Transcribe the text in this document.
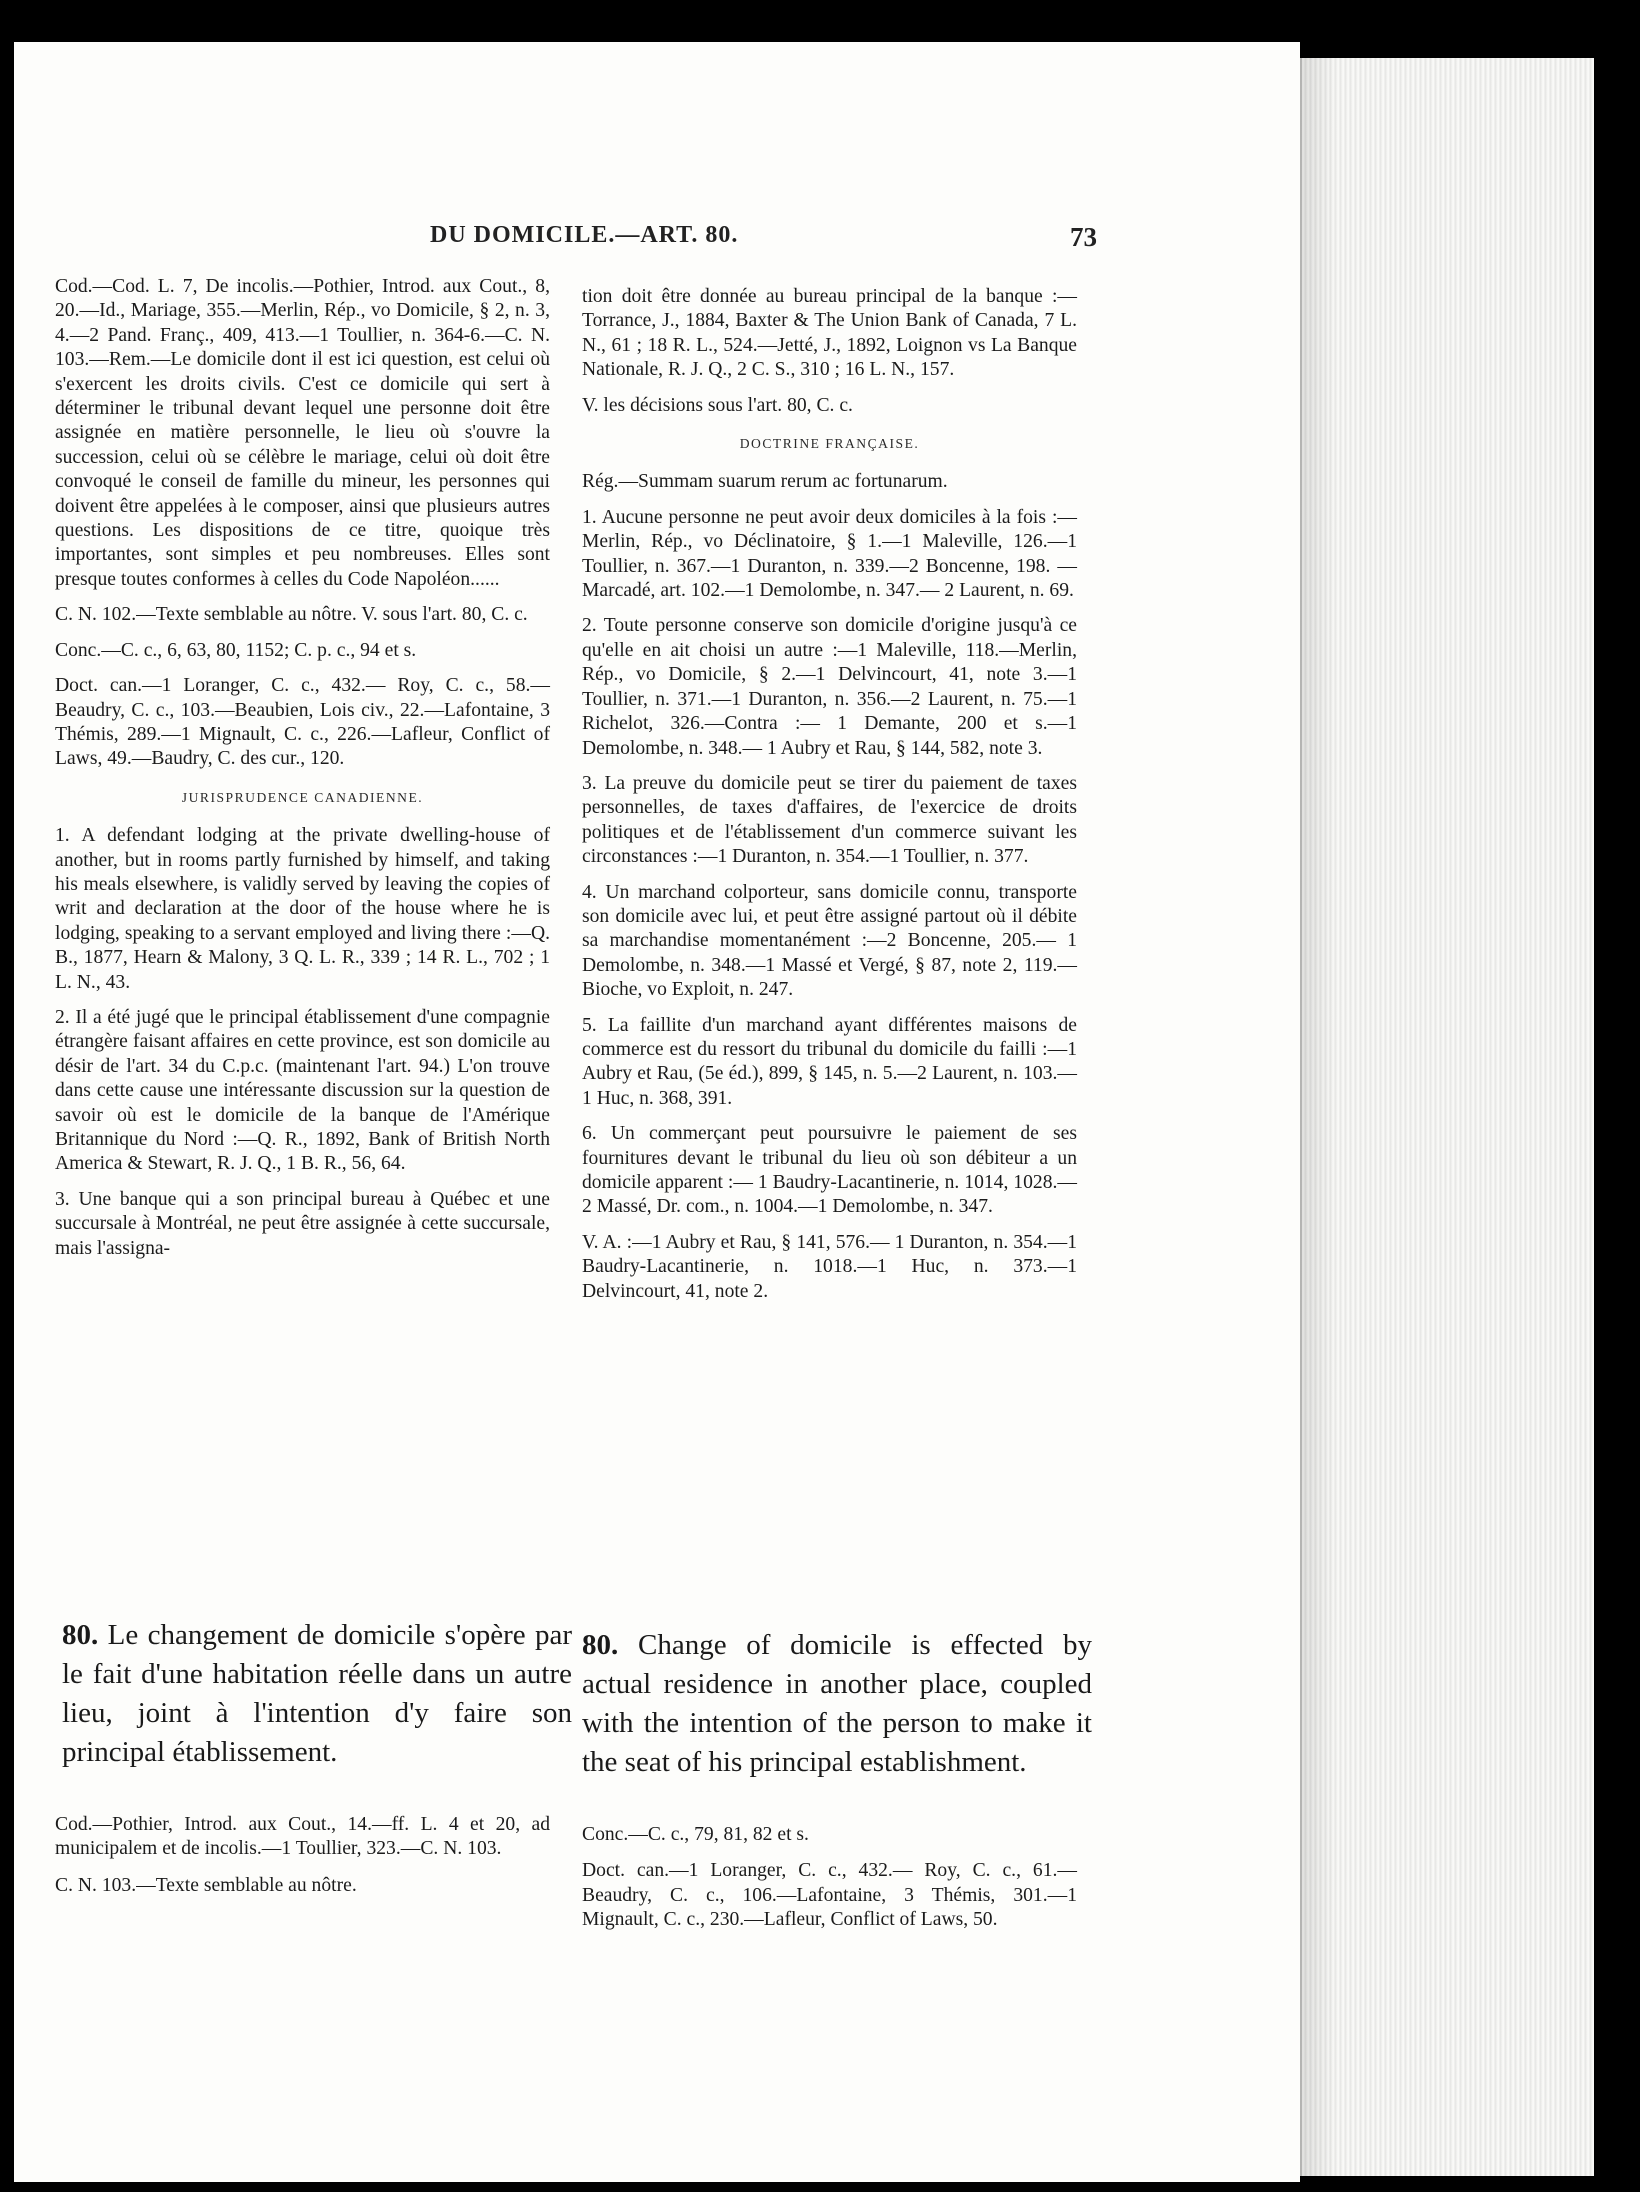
DU DOMICILE.—ART. 80.	73

Cod.—Cod. L. 7, De incolis.—Pothier, Introd. aux Cout., 8, 20.—Id., Mariage, 355.—Merlin, Rép., vo Domicile, § 2, n. 3, 4.—2 Pand. Franç., 409, 413.—1 Toullier, n. 364-6.—C. N. 103.—Rem.—Le domicile dont il est ici question, est celui où s'exercent les droits civils. C'est ce domicile qui sert à déterminer le tribunal devant lequel une personne doit être assignée en matière personnelle, le lieu où s'ouvre la succession, celui où se célèbre le mariage, celui où doit être convoqué le conseil de famille du mineur, les personnes qui doivent être appelées à le composer, ainsi que plusieurs autres questions. Les dispositions de ce titre, quoique très importantes, sont simples et peu nombreuses. Elles sont presque toutes conformes à celles du Code Napoléon......

C. N. 102.—Texte semblable au nôtre. V. sous l'art. 80, C. c.

Conc.—C. c., 6, 63, 80, 1152; C. p. c., 94 et s.

Doct. can.—1 Loranger, C. c., 432.— Roy, C. c., 58.—Beaudry, C. c., 103.—Beaubien, Lois civ., 22.—Lafontaine, 3 Thémis, 289.—1 Mignault, C. c., 226.—Lafleur, Conflict of Laws, 49.—Baudry, C. des cur., 120.

JURISPRUDENCE CANADIENNE.

1. A defendant lodging at the private dwelling-house of another, but in rooms partly furnished by himself, and taking his meals elsewhere, is validly served by leaving the copies of writ and declaration at the door of the house where he is lodging, speaking to a servant employed and living there :—Q. B., 1877, Hearn & Malony, 3 Q. L. R., 339 ; 14 R. L., 702 ; 1 L. N., 43.

2. Il a été jugé que le principal établissement d'une compagnie étrangère faisant affaires en cette province, est son domicile au désir de l'art. 34 du C.p.c. (maintenant l'art. 94.) L'on trouve dans cette cause une intéressante discussion sur la question de savoir où est le domicile de la banque de l'Amérique Britannique du Nord :—Q. R., 1892, Bank of British North America & Stewart, R. J. Q., 1 B. R., 56, 64.

3. Une banque qui a son principal bureau à Québec et une succursale à Montréal, ne peut être assignée à cette succursale, mais l'assigna-

tion doit être donnée au bureau principal de la banque :—Torrance, J., 1884, Baxter & The Union Bank of Canada, 7 L. N., 61 ; 18 R. L., 524.—Jetté, J., 1892, Loignon vs La Banque Nationale, R. J. Q., 2 C. S., 310 ; 16 L. N., 157.

V. les décisions sous l'art. 80, C. c.

DOCTRINE FRANÇAISE.

Rég.—Summam suarum rerum ac fortunarum.

1. Aucune personne ne peut avoir deux domiciles à la fois :—Merlin, Rép., vo Déclinatoire, § 1.—1 Maleville, 126.—1 Toullier, n. 367.—1 Duranton, n. 339.—2 Boncenne, 198. —Marcadé, art. 102.—1 Demolombe, n. 347.— 2 Laurent, n. 69.

2. Toute personne conserve son domicile d'origine jusqu'à ce qu'elle en ait choisi un autre :—1 Maleville, 118.—Merlin, Rép., vo Domicile, § 2.—1 Delvincourt, 41, note 3.—1 Toullier, n. 371.—1 Duranton, n. 356.—2 Laurent, n. 75.—1 Richelot, 326.—Contra :— 1 Demante, 200 et s.—1 Demolombe, n. 348.— 1 Aubry et Rau, § 144, 582, note 3.

3. La preuve du domicile peut se tirer du paiement de taxes personnelles, de taxes d'affaires, de l'exercice de droits politiques et de l'établissement d'un commerce suivant les circonstances :—1 Duranton, n. 354.—1 Toullier, n. 377.

4. Un marchand colporteur, sans domicile connu, transporte son domicile avec lui, et peut être assigné partout où il débite sa marchandise momentanément :—2 Boncenne, 205.— 1 Demolombe, n. 348.—1 Massé et Vergé, § 87, note 2, 119.—Bioche, vo Exploit, n. 247.

5. La faillite d'un marchand ayant différentes maisons de commerce est du ressort du tribunal du domicile du failli :—1 Aubry et Rau, (5e éd.), 899, § 145, n. 5.—2 Laurent, n. 103.—1 Huc, n. 368, 391.

6. Un commerçant peut poursuivre le paiement de ses fournitures devant le tribunal du lieu où son débiteur a un domicile apparent :— 1 Baudry-Lacantinerie, n. 1014, 1028.—2 Massé, Dr. com., n. 1004.—1 Demolombe, n. 347.

V. A. :—1 Aubry et Rau, § 141, 576.— 1 Duranton, n. 354.—1 Baudry-Lacantinerie, n. 1018.—1 Huc, n. 373.—1 Delvincourt, 41, note 2.

80. Le changement de domicile s'opère par le fait d'une habitation réelle dans un autre lieu, joint à l'intention d'y faire son principal établissement.
80. Change of domicile is effected by actual residence in another place, coupled with the intention of the person to make it the seat of his principal establishment.

Cod.—Pothier, Introd. aux Cout., 14.—ff. L. 4 et 20, ad municipalem et de incolis.—1 Toullier, 323.—C. N. 103.

C. N. 103.—Texte semblable au nôtre.

Conc.—C. c., 79, 81, 82 et s.

Doct. can.—1 Loranger, C. c., 432.— Roy, C. c., 61.—Beaudry, C. c., 106.—Lafontaine, 3 Thémis, 301.—1 Mignault, C. c., 230.—Lafleur, Conflict of Laws, 50.
